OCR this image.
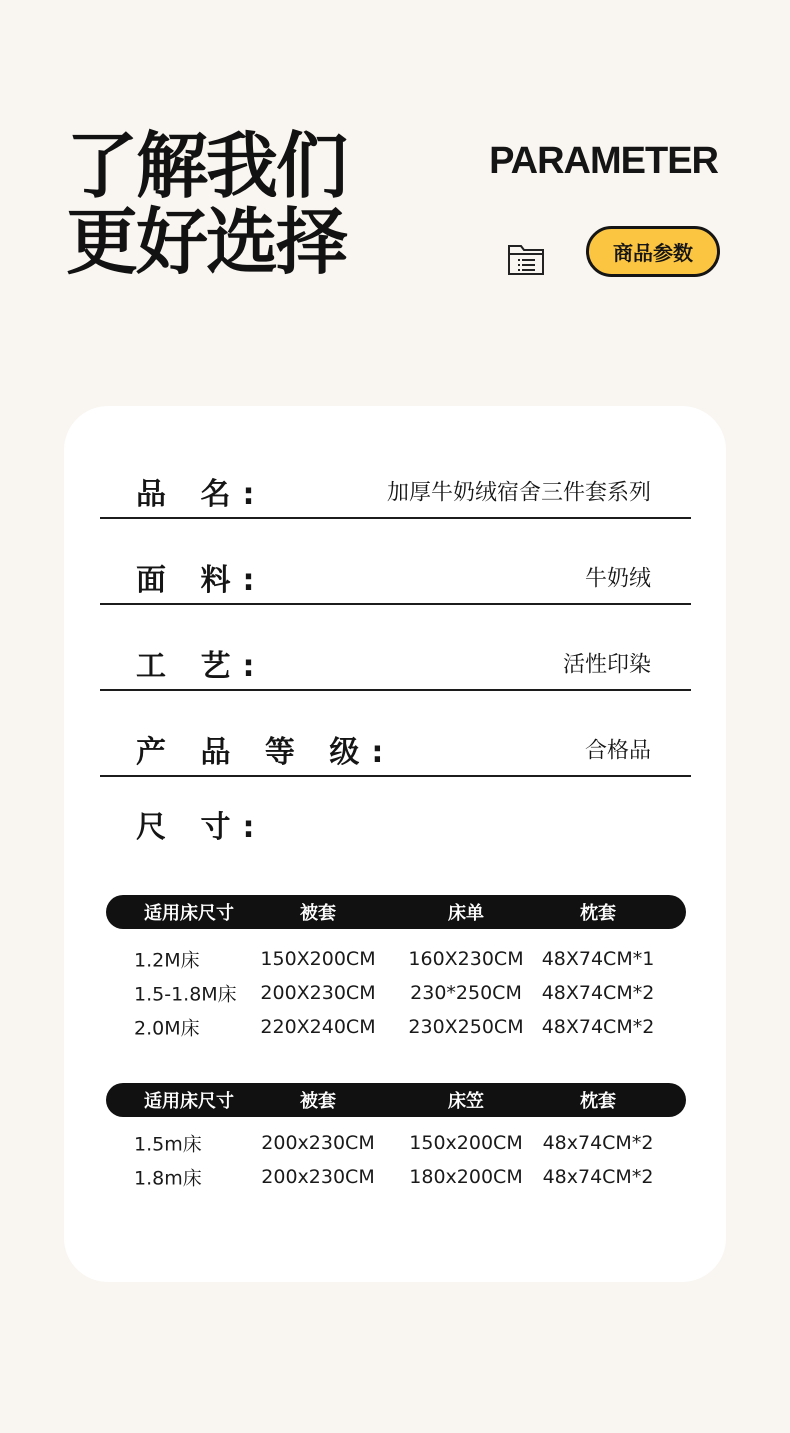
了解我们
更好选择
PARAMETER
商品参数
品 名:	加厚牛奶绒宿舍三件套系列
面 料:	牛奶绒
工 艺:	活性印染
产 品 等 级:	合格品
尺 寸:
适用床尺寸	被套	床单	枕套
1.2M床	150X200CM 160X230CM 48X74CM*1
1.5-1.8M床 200X230CM 230*250CM 48X74CM*2
2.0M床	220X240CM 230X250CM 48X74CM*2
适用床尺寸	被套	床笠	枕套
1.5m床	200x230CM 150x200CM 48x74CM*2
1.8m床	200x230CM 180x200CM 48x74CM*2
